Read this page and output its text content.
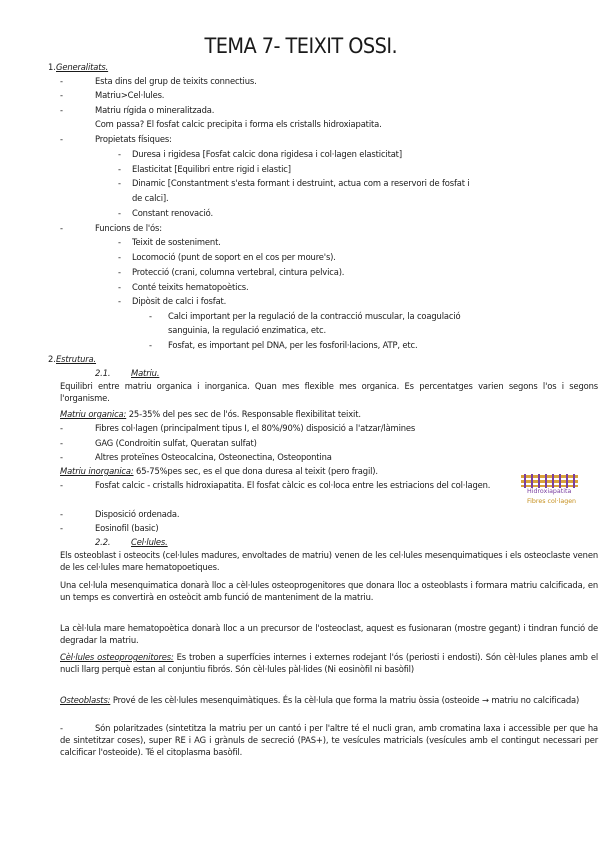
TEMA 7- TEIXIT OSSI.
1. Generalitats.
-	Esta dins del grup de teixits connectius.
-	Matriu>Cel·lules.
-	Matriu rígida o mineralitzada.
Com passa? El fosfat calcic precipita i forma els cristalls hidroxiapatita.
-	Propietats físiques:
- Duresa i rigidesa [Fosfat calcic dona rigidesa i col·lagen elasticitat]
- Elasticitat [Equilibri entre rigid i elastic]
- Dinamic [Constantment s'esta formant i destruint, actua com a reservori de fosfat i
de calci].
- Constant renovació.
-	Funcions de l'ós:
- Teixit de sosteniment.
- Locomoció (punt de soport en el cos per moure's).
- Protecció (crani, columna vertebral, cintura pelvica).
- Conté teixits hematopoètics.
- Dipòsit de calci i fosfat.
- Calci important per la regulació de la contracció muscular, la coagulació
sanguinia, la regulació enzimatica, etc.
- Fosfat, es important pel DNA, per les fosforil·lacions, ATP, etc.
2. Estrutura.
2.1. Matriu.
Equilibri entre matriu organica i inorganica. Quan mes flexible mes organica. Es percentatges varien segons l'os i segons l'organisme.
Matriu organica: 25-35% del pes sec de l'ós. Responsable flexibilitat teixit.
-	Fibres col·lagen (principalment tipus I, el 80%/90%) disposició a l'atzar/làmines
-	GAG (Condroitin sulfat, Queratan sulfat)
-	Altres proteïnes Osteocalcina, Osteonectina, Osteopontina
Matriu inorganica: 65-75%pes sec, es el que dona duresa al teixit (pero fragil).
-	Fosfat calcic - cristalls hidroxiapatita. El fosfat càlcic es col·loca entre les estriacions del col·lagen.
-	Disposició ordenada.
-	Eosinofil (basic)
2.2. Cel·lules.
Els osteoblast i osteocits (cel·lules madures, envoltades de matriu) venen de les cel·lules mesenquimatiques i els osteoclaste venen de les cel·lules mare hematopoetiques.
Una cel·lula mesenquimatica donarà lloc a cèl·lules osteoprogenitores que donara lloc a osteoblasts i formara matriu calcificada, en un temps es convertirà en osteòcit amb funció de manteniment de la matriu.
La cèl·lula mare hematopoètica donarà lloc a un precursor de l'osteoclast, aquest es fusionaran (mostre gegant) i tindran funció de degradar la matriu.
Cèl·lules osteoprogenitores: Es troben a superfícies internes i externes rodejant l'ós (periosti i endosti). Són cèl·lules planes amb el nucli llarg perquè estan al conjuntiu fibrós. Són cèl·lules pàl·lides (Ni eosinòfil ni basòfil)
Osteoblasts: Prové de les cèl·lules mesenquimàtiques. És la cèl·lula que forma la matriu òssia (osteoide → matriu no calcificada)
-	Són polaritzades (sintetitza la matriu per un cantó i per l'altre té el nucli gran, amb cromatina laxa i accessible per que ha de sintetitzar coses), super RE i AG i grànuls de secreció (PAS+), te vesícules matricials (vesícules amb el contingut necessari per calcificar l'osteoide). Té el citoplasma basòfil.
Hidroxiapatita
Fibres col·lagen
